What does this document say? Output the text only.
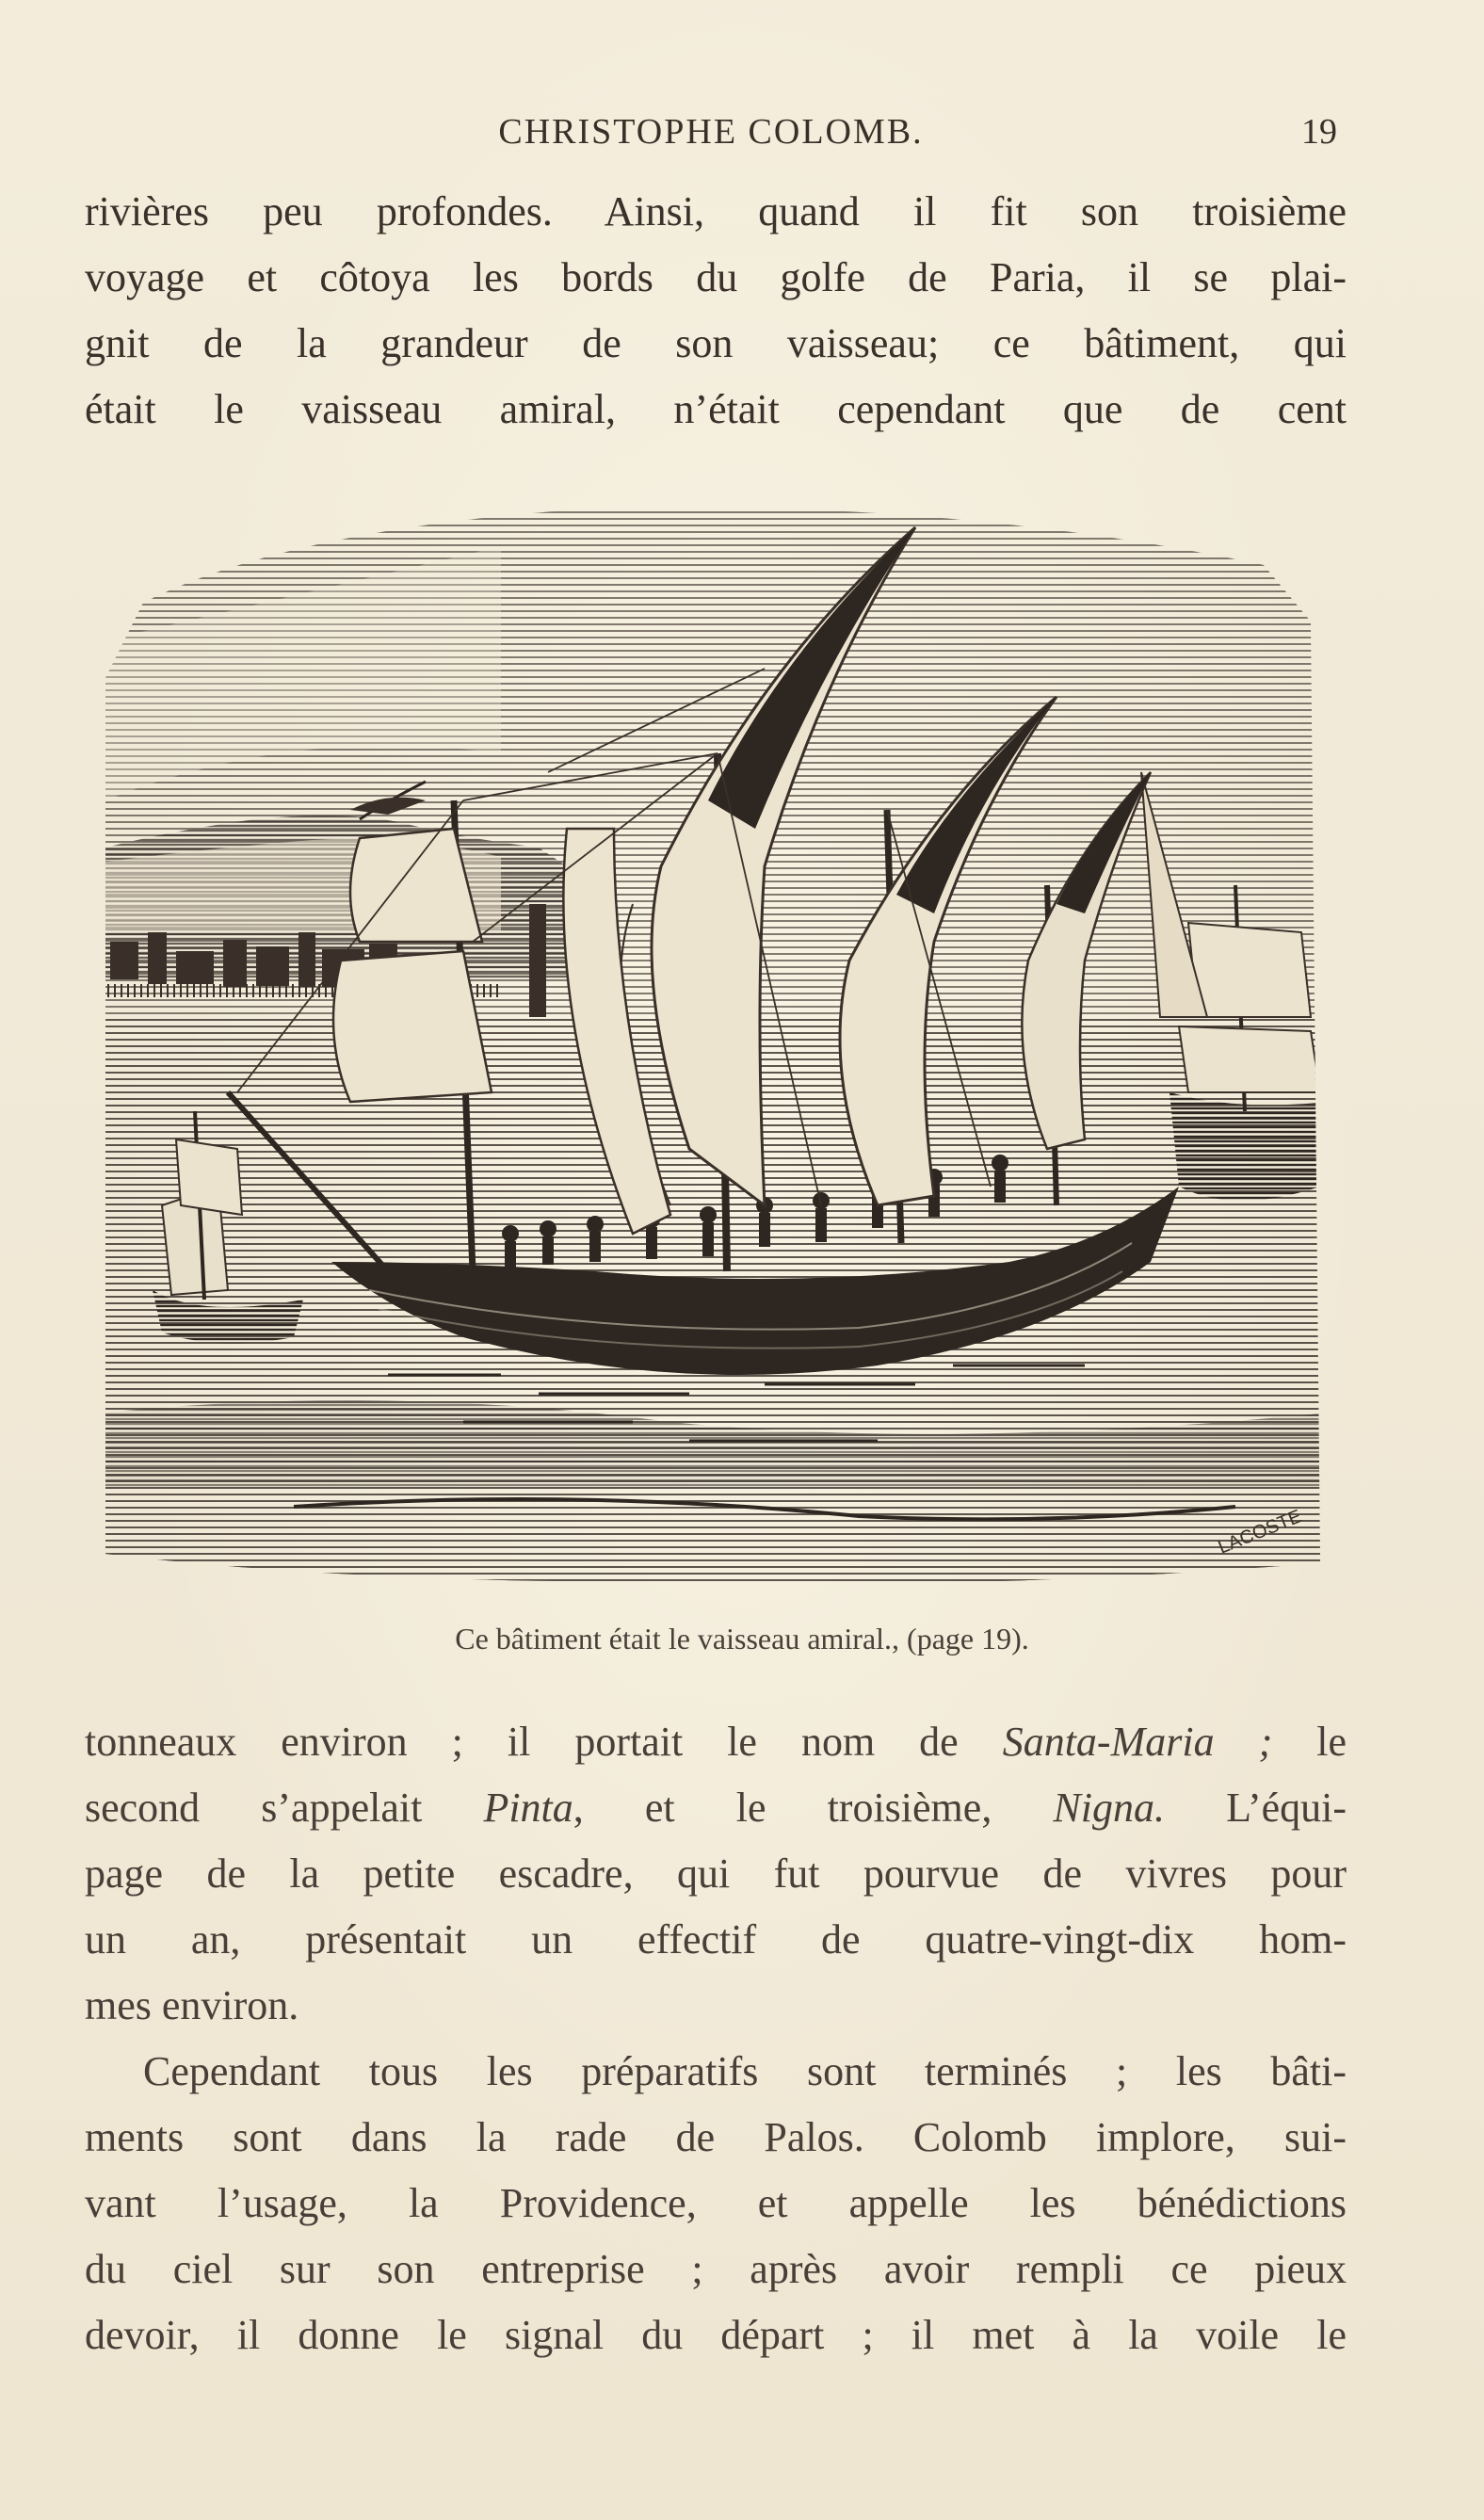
CHRISTOPHE COLOMB.	19
rivières peu profondes. Ainsi, quand il fit son troisième
voyage et côtoya les bords du golfe de Paria, il se plai-
gnit de la grandeur de son vaisseau; ce bâtiment, qui
était le vaisseau amiral, n’était cependant que de cent
LACOSTE
Ce bâtiment était le vaisseau amiral., (page 19).
tonneaux environ ; il portait le nom de Santa-Maria ; le
second s’appelait Pinta, et le troisième, Nigna. L’équi-
page de la petite escadre, qui fut pourvue de vivres pour
un an, présentait un effectif de quatre-vingt-dix hom-
mes environ.
Cependant tous les préparatifs sont terminés ; les bâti-
ments sont dans la rade de Palos. Colomb implore, sui-
vant l’usage, la Providence, et appelle les bénédictions
du ciel sur son entreprise ; après avoir rempli ce pieux
devoir, il donne le signal du départ ; il met à la voile le
